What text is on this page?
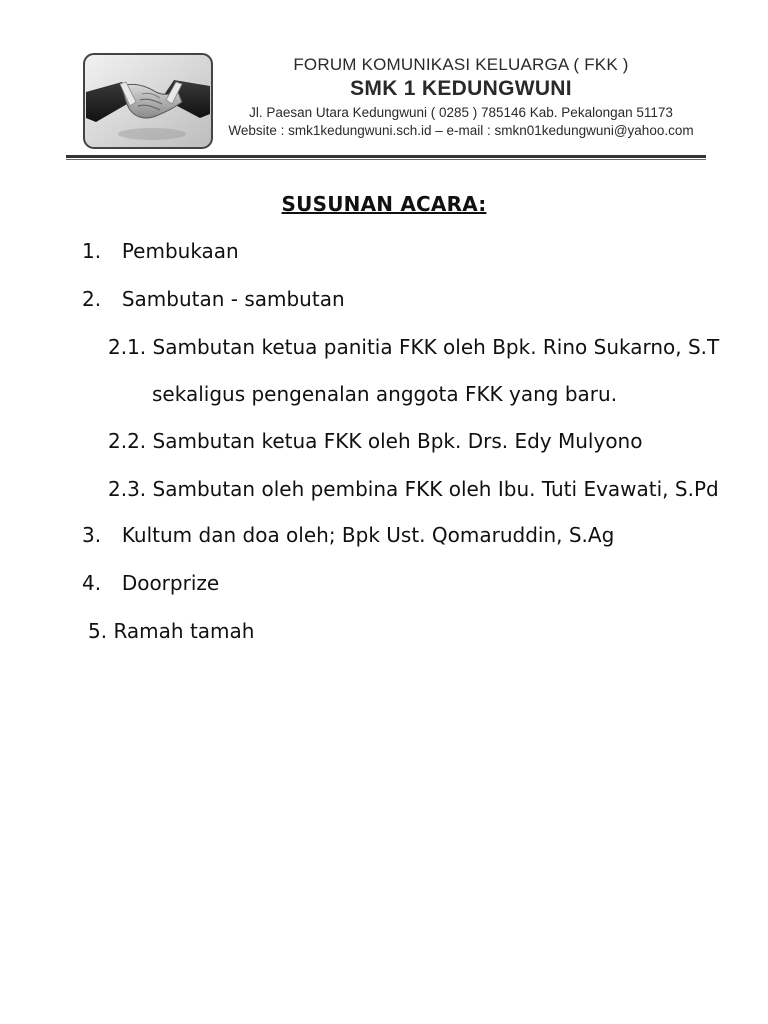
FORUM KOMUNIKASI KELUARGA ( FKK )
SMK 1 KEDUNGWUNI
Jl. Paesan Utara Kedungwuni ( 0285 ) 785146 Kab. Pekalongan 51173
Website : smk1kedungwuni.sch.id – e-mail : smkn01kedungwuni@yahoo.com
SUSUNAN ACARA:
1. Pembukaan
2. Sambutan - sambutan
2.1. Sambutan ketua panitia FKK oleh Bpk. Rino Sukarno, S.T
sekaligus pengenalan anggota FKK yang baru.
2.2. Sambutan ketua FKK oleh Bpk. Drs. Edy Mulyono
2.3. Sambutan oleh pembina FKK oleh Ibu. Tuti Evawati, S.Pd
3. Kultum dan doa oleh; Bpk Ust. Qomaruddin, S.Ag
4. Doorprize
5. Ramah tamah
